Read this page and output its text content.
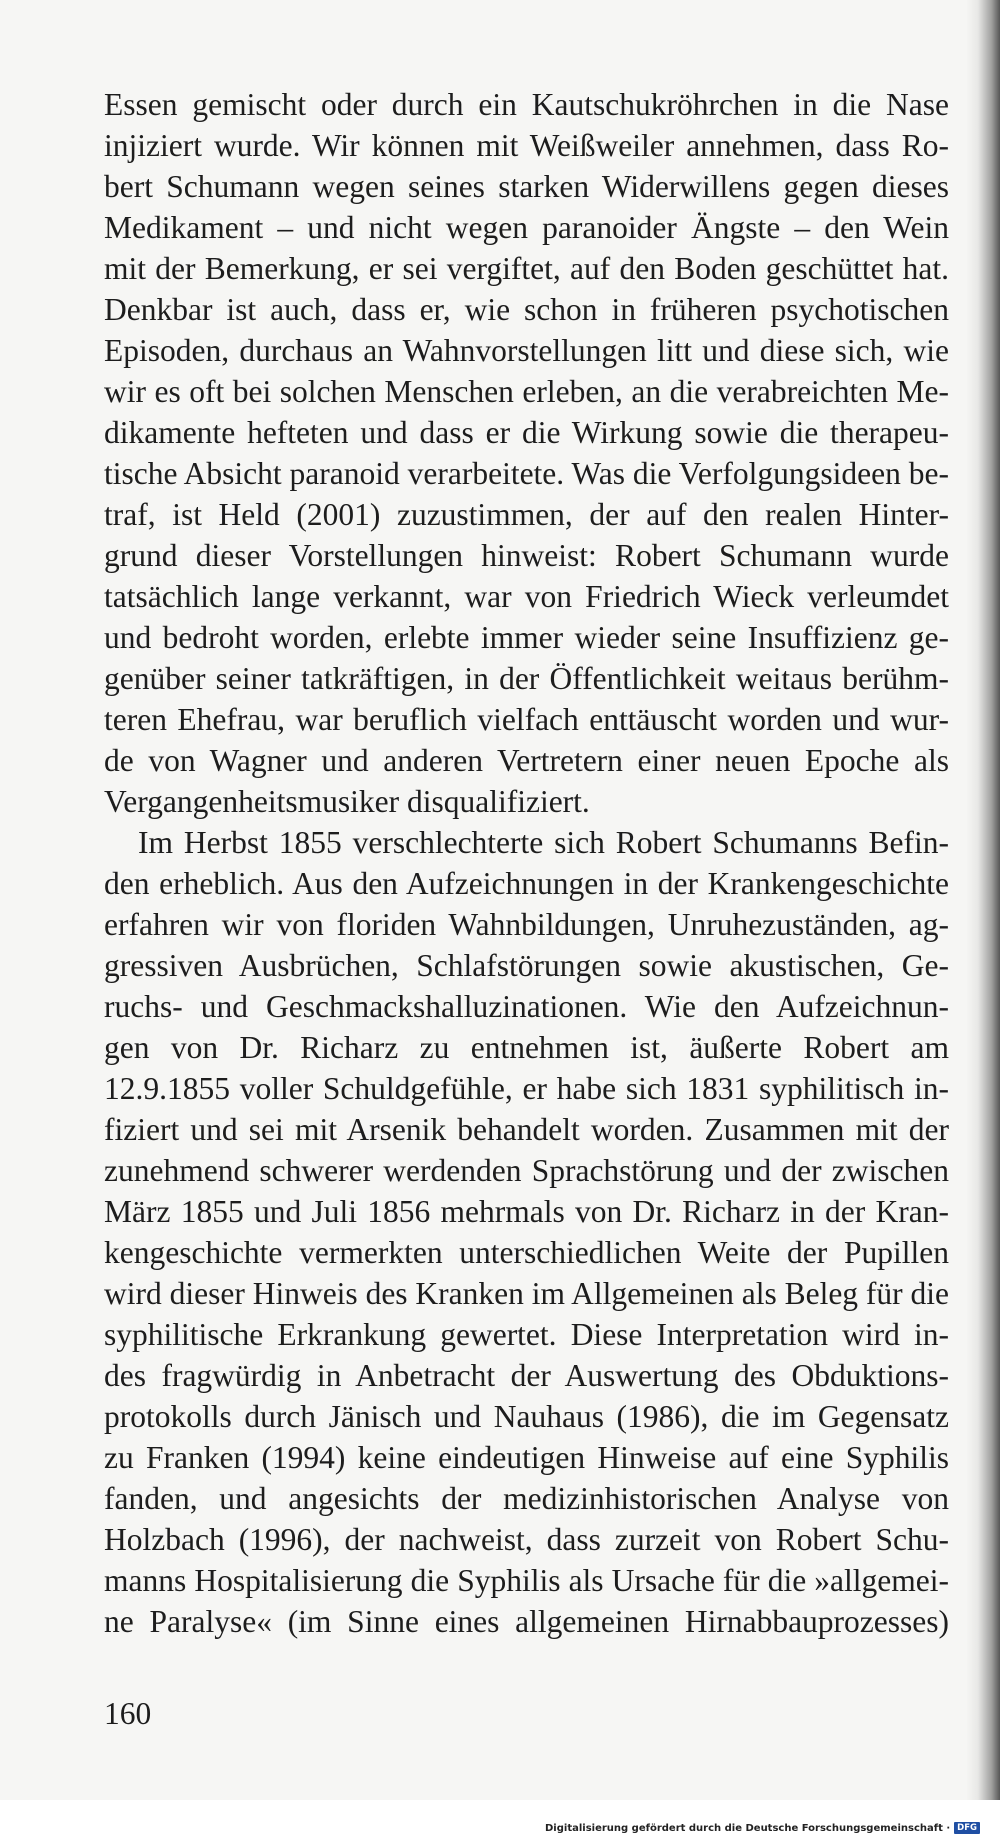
Essen gemischt oder durch ein Kautschukröhrchen in die Nase
injiziert wurde. Wir können mit Weißweiler annehmen, dass Ro-
bert Schumann wegen seines starken Widerwillens gegen dieses
Medikament – und nicht wegen paranoider Ängste – den Wein
mit der Bemerkung, er sei vergiftet, auf den Boden geschüttet hat.
Denkbar ist auch, dass er, wie schon in früheren psychotischen
Episoden, durchaus an Wahnvorstellungen litt und diese sich, wie
wir es oft bei solchen Menschen erleben, an die verabreichten Me-
dikamente hefteten und dass er die Wirkung sowie die therapeu-
tische Absicht paranoid verarbeitete. Was die Verfolgungsideen be-
traf, ist Held (2001) zuzustimmen, der auf den realen Hinter-
grund dieser Vorstellungen hinweist: Robert Schumann wurde
tatsächlich lange verkannt, war von Friedrich Wieck verleumdet
und bedroht worden, erlebte immer wieder seine Insuffizienz ge-
genüber seiner tatkräftigen, in der Öffentlichkeit weitaus berühm-
teren Ehefrau, war beruflich vielfach enttäuscht worden und wur-
de von Wagner und anderen Vertretern einer neuen Epoche als
Vergangenheitsmusiker disqualifiziert.
Im Herbst 1855 verschlechterte sich Robert Schumanns Befin-
den erheblich. Aus den Aufzeichnungen in der Krankengeschichte
erfahren wir von floriden Wahnbildungen, Unruhezuständen, ag-
gressiven Ausbrüchen, Schlafstörungen sowie akustischen, Ge-
ruchs- und Geschmackshalluzinationen. Wie den Aufzeichnun-
gen von Dr. Richarz zu entnehmen ist, äußerte Robert am
12.9.1855 voller Schuldgefühle, er habe sich 1831 syphilitisch in-
fiziert und sei mit Arsenik behandelt worden. Zusammen mit der
zunehmend schwerer werdenden Sprachstörung und der zwischen
März 1855 und Juli 1856 mehrmals von Dr. Richarz in der Kran-
kengeschichte vermerkten unterschiedlichen Weite der Pupillen
wird dieser Hinweis des Kranken im Allgemeinen als Beleg für die
syphilitische Erkrankung gewertet. Diese Interpretation wird in-
des fragwürdig in Anbetracht der Auswertung des Obduktions-
protokolls durch Jänisch und Nauhaus (1986), die im Gegensatz
zu Franken (1994) keine eindeutigen Hinweise auf eine Syphilis
fanden, und angesichts der medizinhistorischen Analyse von
Holzbach (1996), der nachweist, dass zurzeit von Robert Schu-
manns Hospitalisierung die Syphilis als Ursache für die »allgemei-
ne Paralyse« (im Sinne eines allgemeinen Hirnabbauprozesses)
160
Digitalisierung gefördert durch die Deutsche Forschungsgemeinschaft · DFG
